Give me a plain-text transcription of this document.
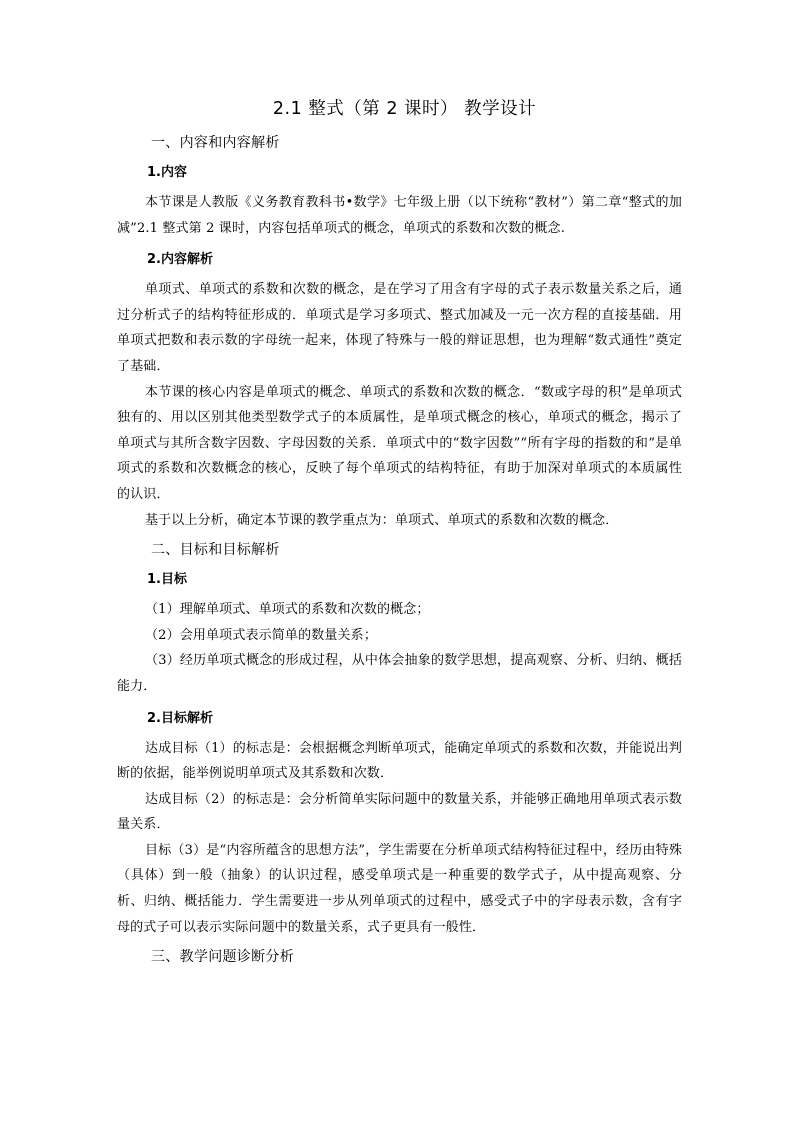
2.1 整式（第 2 课时） 教学设计
一、内容和内容解析
1.内容

本节课是人教版《义务教育教科书•数学》七年级上册（以下统称“教材”）第二章“整式的加减”2.1 整式第 2 课时，内容包括单项式的概念，单项式的系数和次数的概念.

2.内容解析

单项式、单项式的系数和次数的概念，是在学习了用含有字母的式子表示数量关系之后，通过分析式子的结构特征形成的．单项式是学习多项式、整式加减及一元一次方程的直接基础．用单项式把数和表示数的字母统一起来，体现了特殊与一般的辩证思想，也为理解“数式通性”奠定了基础．

本节课的核心内容是单项式的概念、单项式的系数和次数的概念．“数或字母的积”是单项式独有的、用以区别其他类型数学式子的本质属性，是单项式概念的核心，单项式的概念，揭示了单项式与其所含数字因数、字母因数的关系．单项式中的“数字因数”“所有字母的指数的和”是单项式的系数和次数概念的核心，反映了每个单项式的结构特征，有助于加深对单项式的本质属性的认识．

基于以上分析，确定本节课的教学重点为：单项式、单项式的系数和次数的概念．

二、目标和目标解析
1.目标

（1）理解单项式、单项式的系数和次数的概念；

（2）会用单项式表示简单的数量关系；

（3）经历单项式概念的形成过程，从中体会抽象的数学思想，提高观察、分析、归纳、概括能力．

2.目标解析

达成目标（1）的标志是：会根据概念判断单项式，能确定单项式的系数和次数，并能说出判断的依据，能举例说明单项式及其系数和次数．

达成目标（2）的标志是：会分析简单实际问题中的数量关系，并能够正确地用单项式表示数量关系．

目标（3）是“内容所蕴含的思想方法”，学生需要在分析单项式结构特征过程中，经历由特殊（具体）到一般（抽象）的认识过程，感受单项式是一种重要的数学式子，从中提高观察、分析、归纳、概括能力．学生需要进一步从列单项式的过程中，感受式子中的字母表示数，含有字母的式子可以表示实际问题中的数量关系，式子更具有一般性．

三、教学问题诊断分析
